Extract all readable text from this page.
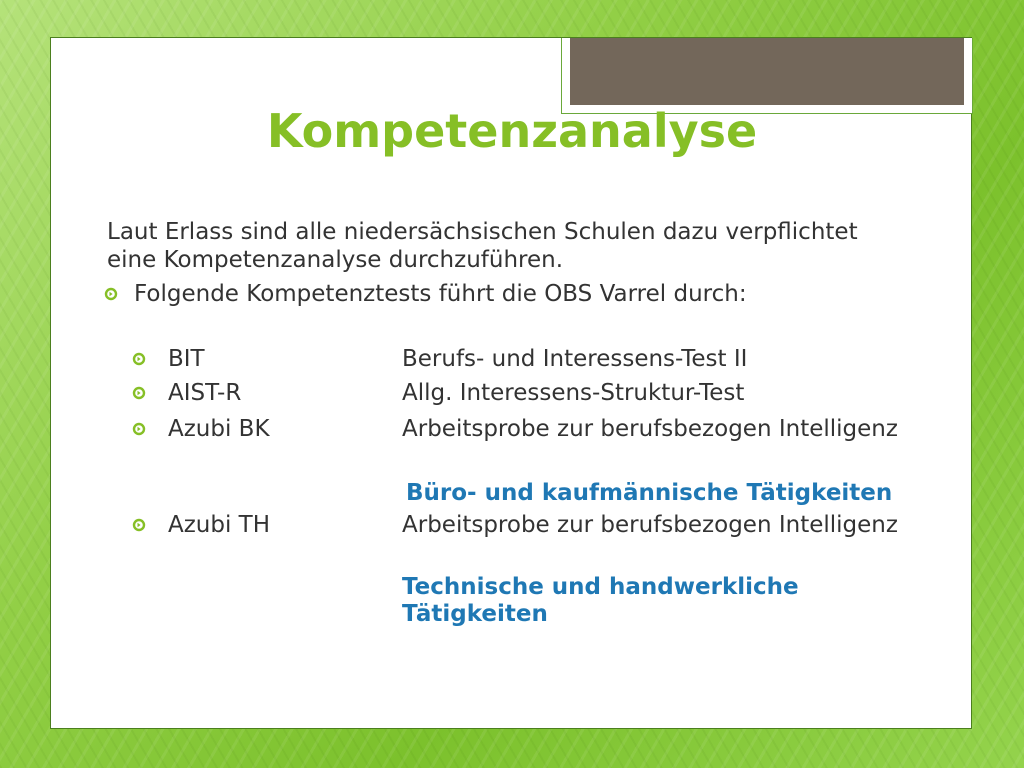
Kompetenzanalyse

Laut Erlass sind alle niedersächsischen Schulen dazu verpflichtet eine Kompetenzanalyse durchzuführen.

Folgende Kompetenztests führt die OBS Varrel durch:
BIT	Berufs- und Interessens-Test II
AIST-R	Allg. Interessens-Struktur-Test
Azubi BK	Arbeitsprobe zur berufsbezogen Intelligenz
Büro- und kaufmännische Tätigkeiten
Azubi TH	Arbeitsprobe zur berufsbezogen Intelligenz
Technische und handwerkliche Tätigkeiten
